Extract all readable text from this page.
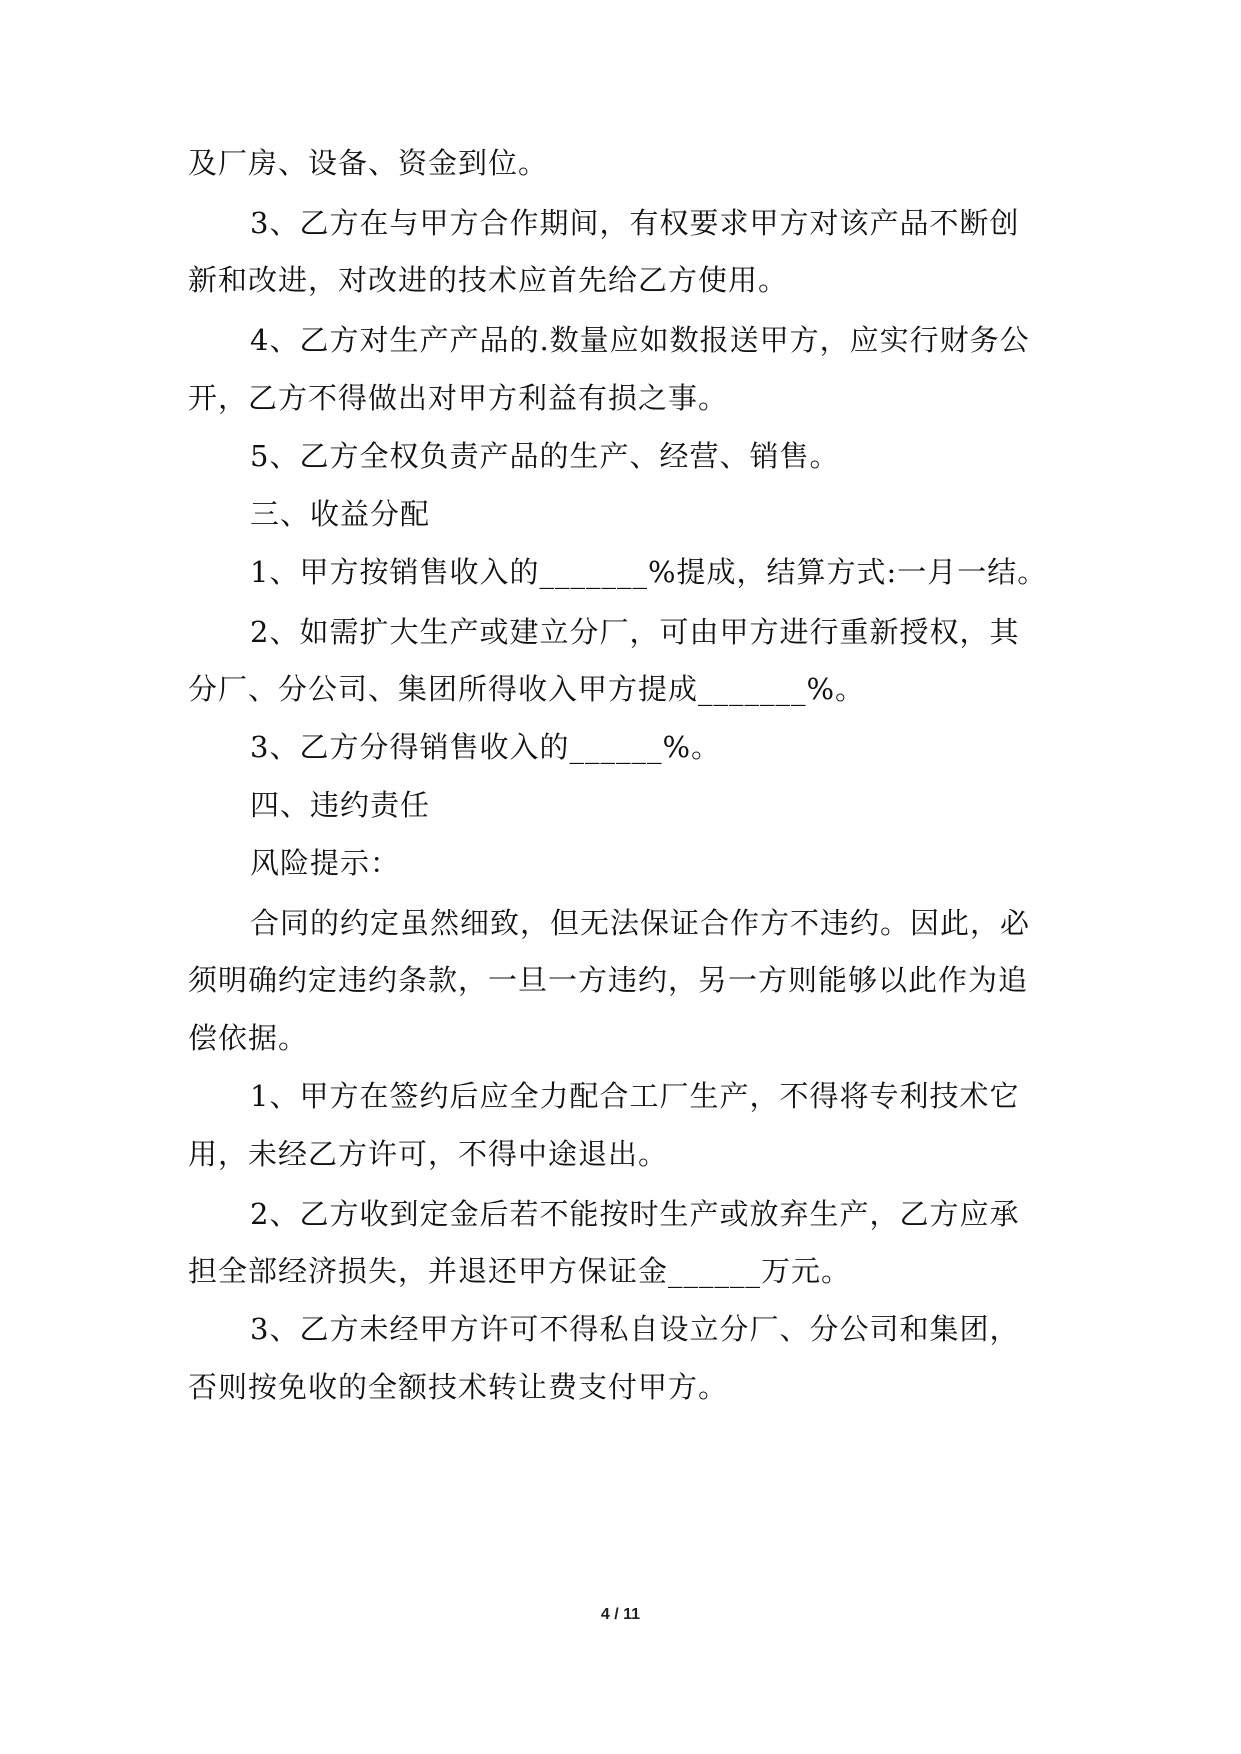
及厂房、设备、资金到位。
3、乙方在与甲方合作期间，有权要求甲方对该产品不断创
新和改进，对改进的技术应首先给乙方使用。
4、乙方对生产产品的.数量应如数报送甲方，应实行财务公
开，乙方不得做出对甲方利益有损之事。
5、乙方全权负责产品的生产、经营、销售。
三、收益分配
1、甲方按销售收入的_______%提成，结算方式:一月一结。
2、如需扩大生产或建立分厂，可由甲方进行重新授权，其
分厂、分公司、集团所得收入甲方提成_______%。
3、乙方分得销售收入的______%。
四、违约责任
风险提示：
合同的约定虽然细致，但无法保证合作方不违约。因此，必
须明确约定违约条款，一旦一方违约，另一方则能够以此作为追
偿依据。
1、甲方在签约后应全力配合工厂生产，不得将专利技术它
用，未经乙方许可，不得中途退出。
2、乙方收到定金后若不能按时生产或放弃生产，乙方应承
担全部经济损失，并退还甲方保证金______万元。
3、乙方未经甲方许可不得私自设立分厂、分公司和集团，
否则按免收的全额技术转让费支付甲方。
4 / 11
